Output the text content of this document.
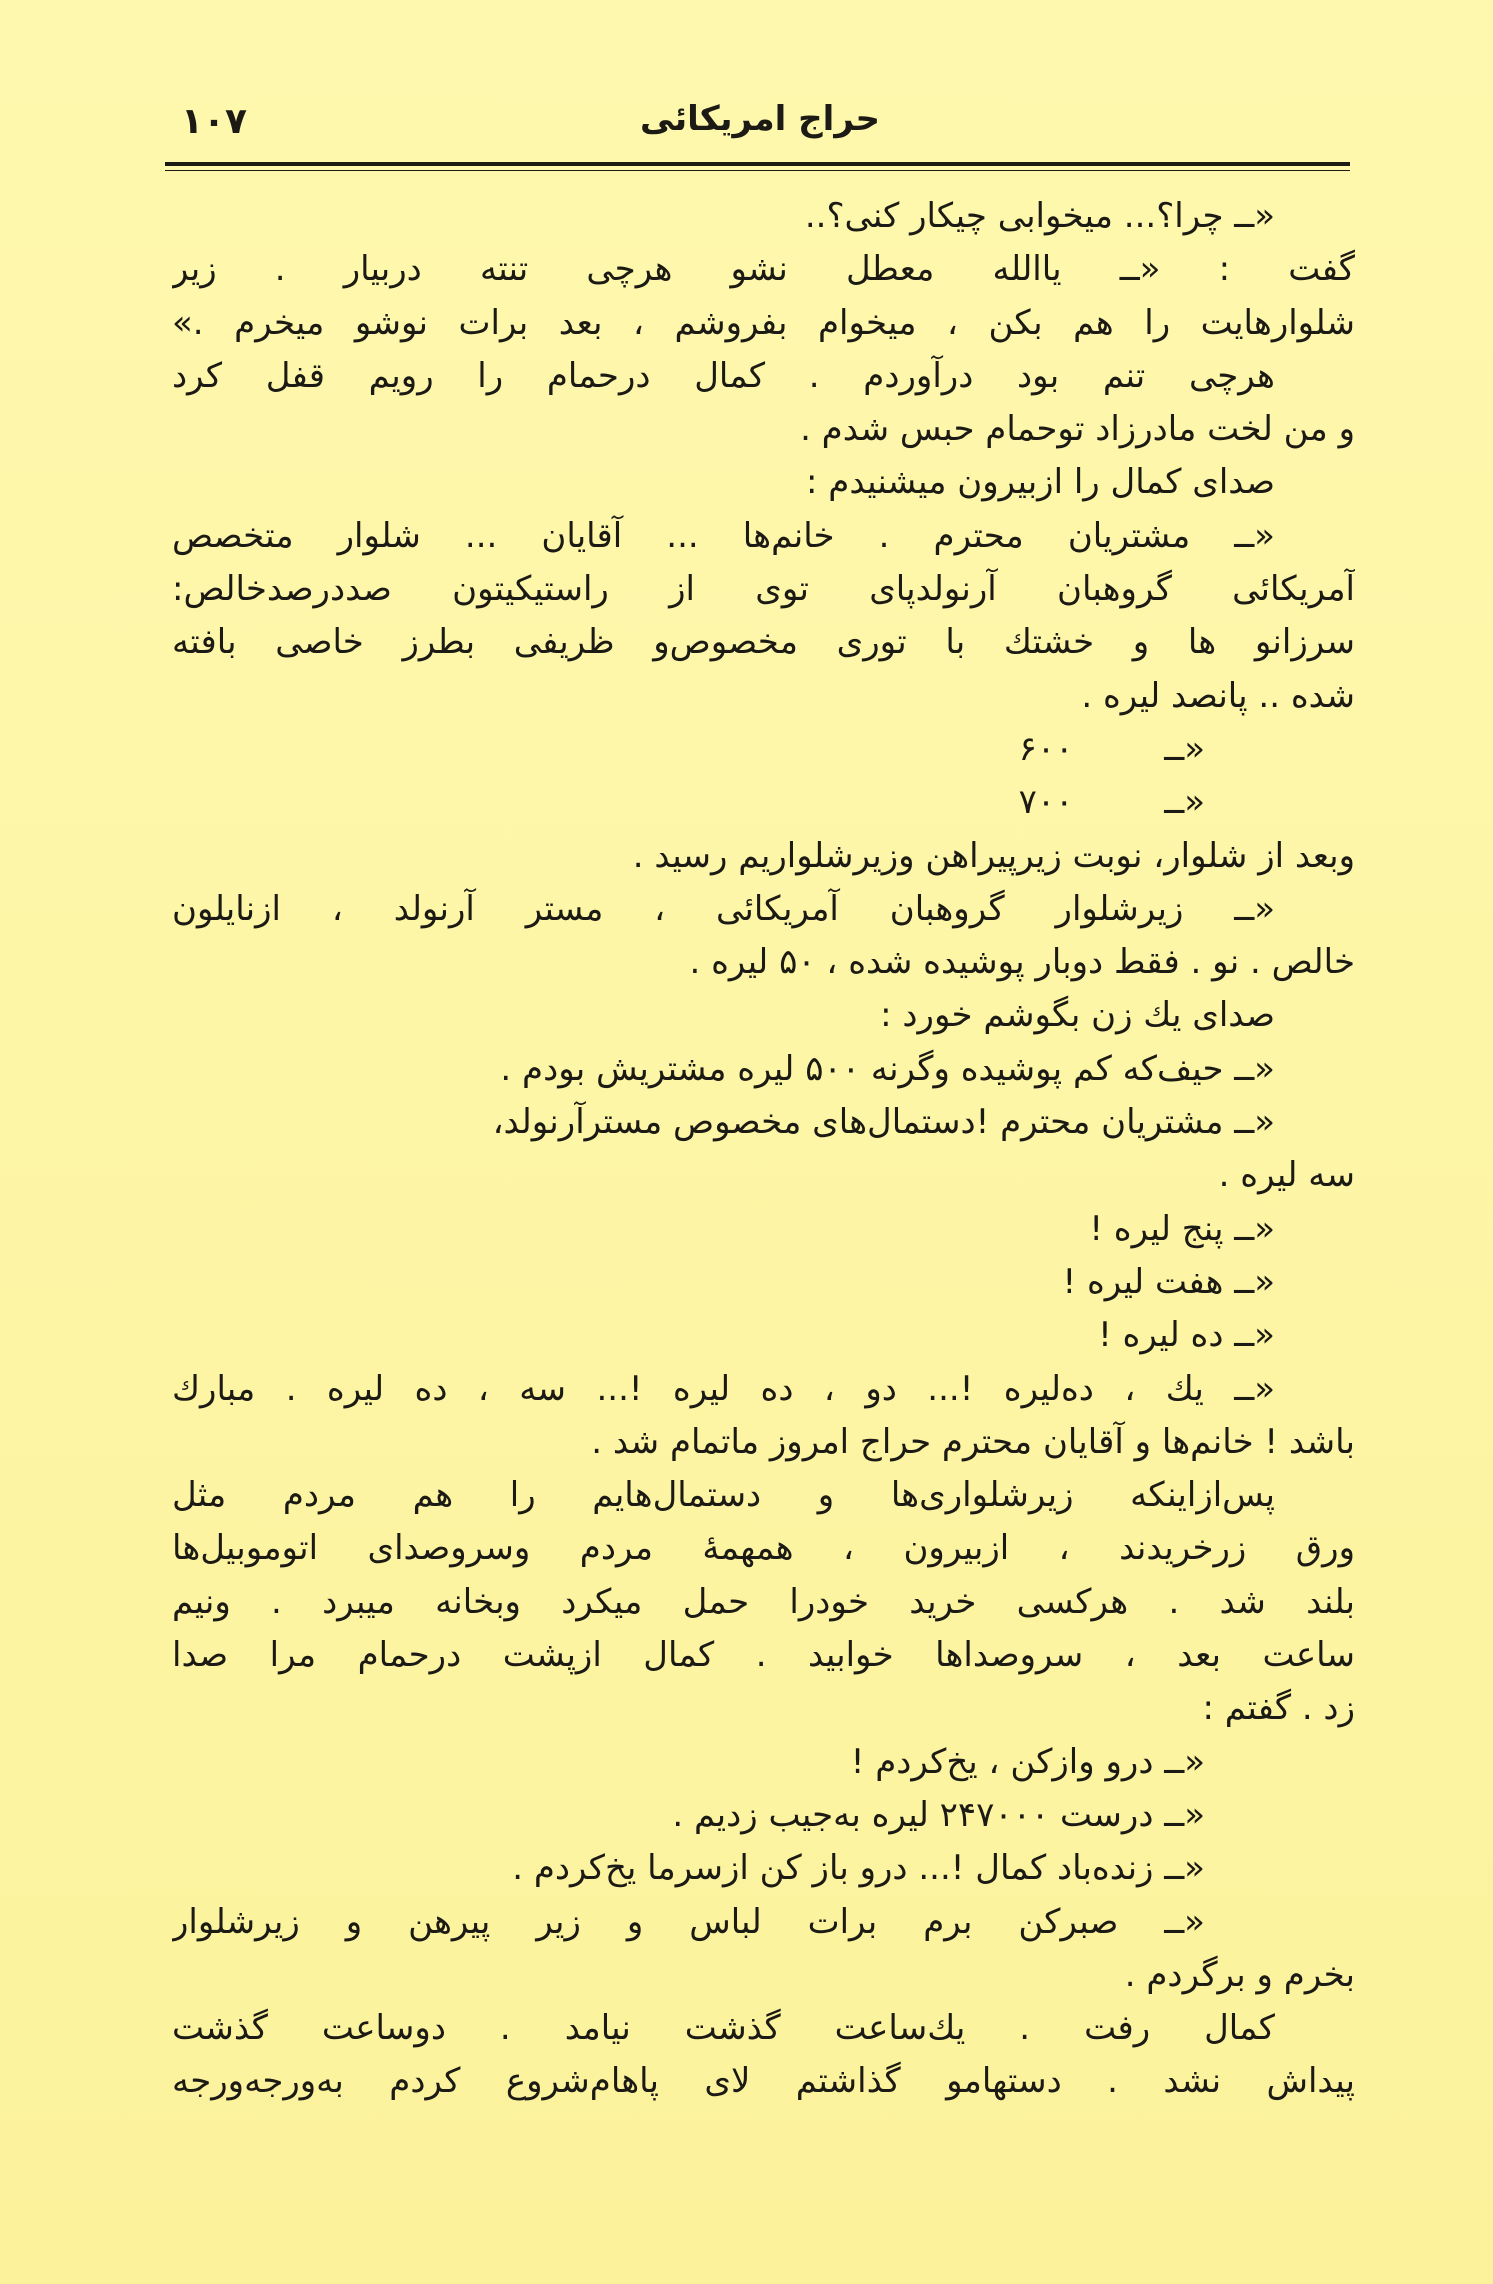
۱۰۷	حراج امریکائی
«ــ چرا؟... میخوابی چیکار کنی؟..
گفت : «ــ یاالله معطل نشو هرچی تنته دربیار . زیر
شلوارهایت را هم بکن ، میخوام بفروشم ، بعد برات نوشو میخرم .»
هرچی تنم بود درآوردم . کمال درحمام را رویم قفل کرد
و من لخت مادرزاد توحمام حبس شدم .
صدای کمال را ازبیرون میشنیدم :
«ــ مشتریان محترم . خانم‌ها ... آقایان ... شلوار متخصص
آمریکائی گروهبان آرنولدپای توی از راستیکیتون صددرصدخالص:
سرزانو ها و خشتك با توری مخصوص‌و ظریفی بطرز خاصی بافته
شده .. پانصد لیره .
«ــ ۶۰۰
«ــ ۷۰۰
وبعد از شلوار، نوبت زیرپیراهن وزیرشلواریم رسید .
«ــ زیرشلوار گروهبان آمریکائی ، مستر آرنولد ، ازنایلون
خالص . نو . فقط دوبار پوشیده شده ، ۵۰ لیره .
صدای یك زن بگوشم خورد :
«ــ حیف‌که کم پوشیده وگرنه ۵۰۰ لیره مشتریش بودم .
«ــ مشتریان محترم !دستمال‌های مخصوص مسترآرنولد،
سه لیره .
«ــ پنج لیره !
«ــ هفت لیره !
«ــ ده لیره !
«ــ یك ، ده‌لیره !... دو ، ده لیره !... سه ، ده لیره . مبارك
باشد ! خانم‌ها و آقایان محترم حراج امروز ماتمام شد .
پس‌ازاینکه زیرشلواری‌ها و دستمال‌هایم را هم مردم مثل
ورق زرخریدند ، ازبیرون ، همهمهٔ مردم وسروصدای اتوموبیل‌ها
بلند شد . هرکسی خرید خودرا حمل میکرد وبخانه میبرد . ونیم
ساعت بعد ، سروصداها خوابید . کمال ازپشت درحمام مرا صدا
زد . گفتم :
«ــ درو وازکن ، یخ‌کردم !
«ــ درست ۲۴۷۰۰۰ لیره به‌جیب زدیم .
«ــ زنده‌باد کمال !... درو باز کن ازسرما یخ‌کردم .
«ــ صبرکن برم برات لباس و زیر پیرهن و زیرشلوار
بخرم و برگردم .
کمال رفت . یك‌ساعت گذشت نیامد . دوساعت گذشت
پیداش نشد . دستهامو گذاشتم لای پاهام‌شروع کردم به‌ورجه‌ورجه
